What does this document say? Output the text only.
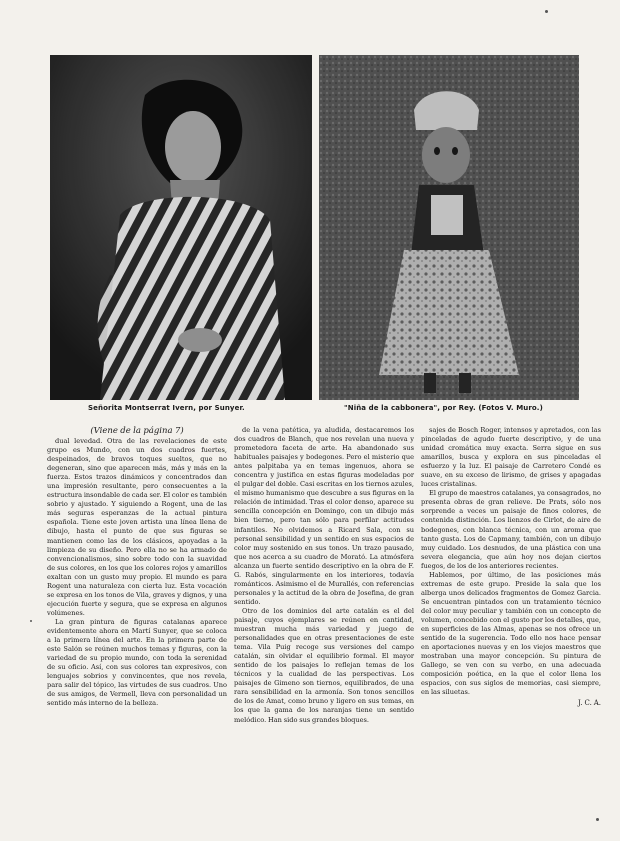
Señorita Montserrat Ivern, por Sunyer.	"Niña de la cabbonera", por Rey. (Fotos V. Muro.)
(Viene de la página 7)

dual levedad. Otra de las revelaciones de este grupo es Mundo, con un dos cuadros fuertes, despeinados, de bravos toques sueltos, que no degeneran, sino que aparecen más, más y más en la fuerza. Estos trazos dinámicos y concentrados dan una impresión resultante, pero consecuentes a la estructura insondable de cada ser. El color es también sobrio y ajustado. Y siguiendo a Rogent, una de las más seguras esperanzas de la actual pintura española. Tiene este joven artista una línea llena de dibujo, hasta el punto de que sus figuras se mantienen como las de los clásicos, apoyadas a la limpieza de su diseño. Pero ella no se ha armado de convencionalismos, sino sobre todo con la suavidad de sus colores, en los que los colores rojos y amarillos exaltan con un gusto muy propio. El mundo es para Rogent una naturaleza con cierta luz. Esta vocación se expresa en los tonos de Vila, graves y dignos, y una ejecución fuerte y segura, que se expresa en algunos volúmenes.

La gran pintura de figuras catalanas aparece evidentemente ahora en Martí Sunyer, que se coloca a la primera línea del arte. En la primera parte de este Salón se reúnen muchos temas y figuras, con la variedad de su propio mundo, con toda la serenidad de su oficio. Así, con sus colores tan expresivos, con lenguajes sobrios y convincentes, que nos revela, para salir del tópico, las virtudes de sus cuadros. Uno de sus amigos, de Vermell, lleva con personalidad un sentido más interno de la belleza.

de la vena patética, ya aludida, destacaremos los dos cuadros de Blanch, que nos revelan una nueva y prometedora faceta de arte. Ha abandonado sus habituales paisajes y bodegones. Pero el misterio que antes palpitaba ya en temas ingenuos, ahora se concentra y justifica en estas figuras modeladas por el pulgar del doble. Casi escritas en los tiernos azules, el mismo humanismo que descubre a sus figuras en la relación de intimidad. Tras el color denso, aparece su sencilla concepción en Domingo, con un dibujo más bien tierno, pero tan sólo para perfilar actitudes infantiles. No olvidemos a Ricard Sala, con su personal sensibilidad y un sentido en sus espacios de color muy sostenido en sus tonos. Un trazo pausado, que nos acerca a su cuadro de Morató. La atmósfera alcanza un fuerte sentido descriptivo en la obra de F. G. Rabós, singularmente en los interiores, todavía románticos. Asimismo el de Murallés, con referencias personales y la actitud de la obra de Josefina, de gran sentido.

Otro de los dominios del arte catalán es el del paisaje, cuyos ejemplares se reúnen en cantidad, muestran mucha más variedad y juego de personalidades que en otras presentaciones de este tema. Vila Puig recoge sus versiones del campo catalán, sin olvidar el equilibrio formal. El mayor sentido de los paisajes lo reflejan temas de los técnicos y la cualidad de las perspectivas. Los paisajes de Gimeno son tiernos, equilibrados, de una rara sensibilidad en la armonía. Son tonos sencillos de los de Amat, como bruno y ligero en sus temas, en los que la gama de los naranjas tiene un sentido melódico. Han sido sus grandes bloques.

sajes de Bosch Roger, intensos y apretados, con las pinceladas de agudo fuerte descriptivo, y de una unidad cromática muy exacta. Serra sigue en sus amarillos, busca y explora en sus pinceladas el esfuerzo y la luz. El paisaje de Carretero Condé es suave, en su exceso de lirismo, de grises y apagadas luces cristalinas.

El grupo de maestros catalanes, ya consagrados, no presenta obras de gran relieve. De Prats, sólo nos sorprende a veces un paisaje de finos colores, de contenida distinción. Los lienzos de Cirlot, de aire de bodegones, con blanca técnica, con un aroma que tanto gusta. Los de Capmany, también, con un dibujo muy cuidado. Los desnudos, de una plástica con una severa elegancia, que aún hoy nos dejan ciertos fuegos, de los de los anteriores recientes.

Hablemos, por último, de las posiciones más extremas de este grupo. Preside la sala que los alberga unos delicados fragmentos de Gomez Garcia. Se encuentran pintados con un tratamiento técnico del color muy peculiar y también con un concepto de volumen, concebido con el gusto por los detalles, que, en superficies de las Almas, apenas se nos ofrece un sentido de la sugerencia. Todo ello nos hace pensar en aportaciones nuevas y en los viejos maestros que mostraban una mayor concepción. Su pintura de Gallego, se ven con su verbo, en una adecuada composición poética, en la que el color llena los espacios, con sus siglos de memorias, casi siempre, en las siluetas.

J. C. A.
